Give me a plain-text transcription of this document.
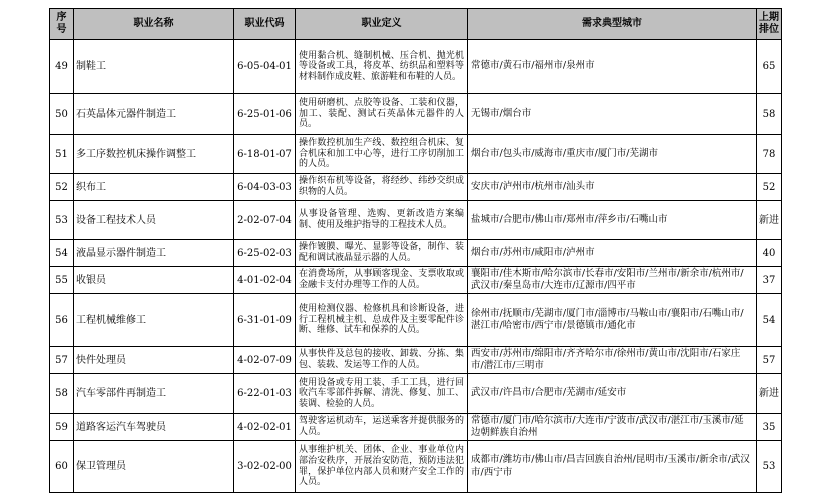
序号	职业名称	职业代码	职业定义	需求典型城市	上期排位
49	制鞋工	6-05-04-01	使用黏合机、缝制机械、压合机、抛光机等设备或工具，将皮革、纺织品和塑料等材料制作成皮鞋、旅游鞋和布鞋的人员。	常德市/黄石市/福州市/泉州市	65
50	石英晶体元器件制造工	6-25-01-06	使用研磨机、点胶等设备、工装和仪器，加工、装配、测试石英晶体元器件的人员。	无锡市/烟台市	58
51	多工序数控机床操作调整工	6-18-01-07	操作数控机加生产线、数控组合机床、复合机床和加工中心等，进行工序切削加工的人员。	烟台市/包头市/威海市/重庆市/厦门市/芜湖市	78
52	织布工	6-04-03-03	操作织布机等设备，将经纱、纬纱交织成织物的人员。	安庆市/泸州市/杭州市/汕头市	52
53	设备工程技术人员	2-02-07-04	从事设备管理、选购、更新改造方案编制、使用及维护指导的工程技术人员。	盐城市/合肥市/佛山市/郑州市/萍乡市/石嘴山市	新进
54	液晶显示器件制造工	6-25-02-03	操作镀膜、曝光、显影等设备，制作、装配和调试液晶显示器的人员。	烟台市/苏州市/咸阳市/泸州市	40
55	收银员	4-01-02-04	在消费场所，从事顾客现金、支票收取或金融卡支付办理等工作的人员。	襄阳市/佳木斯市/哈尔滨市/长春市/安阳市/兰州市/新余市/杭州市/武汉市/秦皇岛市/大连市/辽源市/四平市	37
56	工程机械维修工	6-31-01-09	使用检测仪器、检修机具和诊断设备，进行工程机械主机、总成件及主要零配件诊断、维修、试车和保养的人员。	徐州市/抚顺市/芜湖市/厦门市/淄博市/马鞍山市/襄阳市/石嘴山市/湛江市/哈密市/西宁市/景德镇市/通化市	54
57	快件处理员	4-02-07-09	从事快件及总包的接收、卸载、分拣、集包、装载、发运等工作的人员。	西安市/苏州市/绵阳市/齐齐哈尔市/徐州市/黄山市/沈阳市/石家庄市/潜江市/三明市	57
58	汽车零部件再制造工	6-22-01-03	使用设备或专用工装、手工工具，进行回收汽车零部件拆解、清洗、修复、加工、装调、检验的人员。	武汉市/许昌市/合肥市/芜湖市/延安市	新进
59	道路客运汽车驾驶员	4-02-02-01	驾驶客运机动车，运送乘客并提供服务的人员。	常德市/厦门市/哈尔滨市/大连市/宁波市/武汉市/湛江市/玉溪市/延边朝鲜族自治州	35
60	保卫管理员	3-02-02-00	从事维护机关、团体、企业、事业单位内部治安秩序，开展治安防范，预防违法犯罪，保护单位内部人员和财产安全工作的人员。	成都市/潍坊市/佛山市/昌吉回族自治州/昆明市/玉溪市/新余市/武汉市/西宁市	53
